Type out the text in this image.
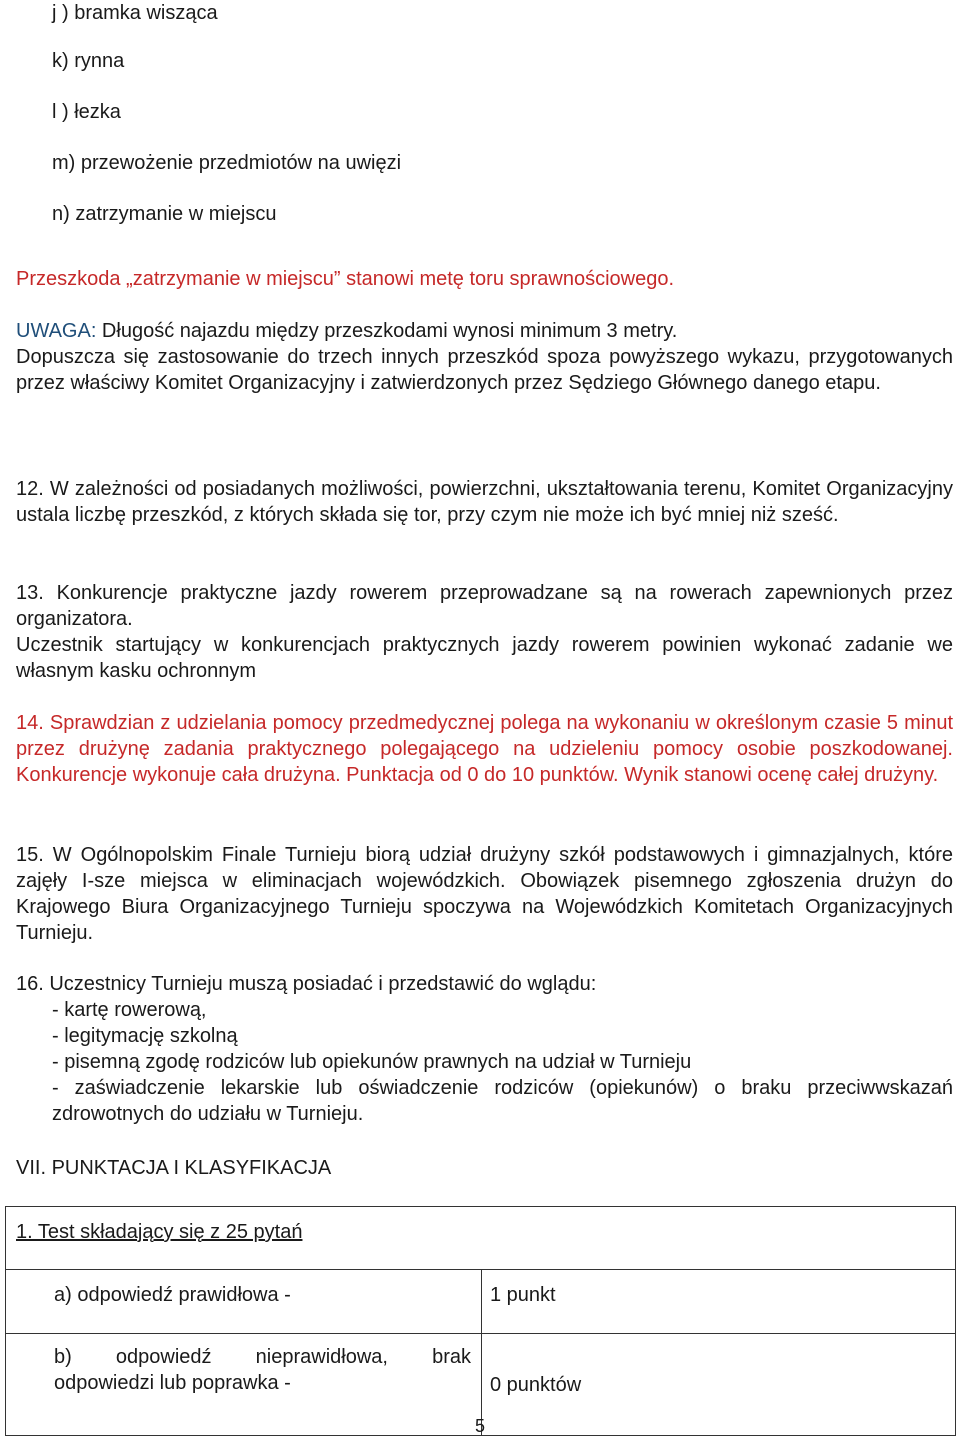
j ) bramka wisząca
k) rynna
l ) łezka
m) przewożenie przedmiotów na uwięzi
n) zatrzymanie w miejscu
Przeszkoda „zatrzymanie w miejscu” stanowi metę toru sprawnościowego.

UWAGA: Długość najazdu między przeszkodami wynosi minimum 3 metry.

Dopuszcza się zastosowanie do trzech innych przeszkód spoza powyższego wykazu, przygotowanych przez właściwy Komitet Organizacyjny i zatwierdzonych przez Sędziego Głównego danego etapu.

12. W zależności od posiadanych możliwości, powierzchni, ukształtowania terenu, Komitet Organizacyjny ustala liczbę przeszkód, z których składa się tor, przy czym nie może ich być mniej niż sześć.

13. Konkurencje praktyczne jazdy rowerem przeprowadzane są na rowerach zapewnionych przez organizatora.

Uczestnik startujący w konkurencjach praktycznych jazdy rowerem powinien wykonać zadanie we własnym kasku ochronnym

14. Sprawdzian z udzielania pomocy przedmedycznej polega na wykonaniu w określonym czasie 5 minut przez drużynę zadania praktycznego polegającego na udzieleniu pomocy osobie poszkodowanej. Konkurencje wykonuje cała drużyna. Punktacja od 0 do 10 punktów. Wynik stanowi ocenę całej drużyny.
15. W Ogólnopolskim Finale Turnieju biorą udział drużyny szkół podstawowych i gimnazjalnych, które zajęły I-sze miejsca w eliminacjach wojewódzkich. Obowiązek pisemnego zgłoszenia drużyn do Krajowego Biura Organizacyjnego Turnieju spoczywa na Wojewódzkich Komitetach Organizacyjnych Turnieju.

16. Uczestnicy Turnieju muszą posiadać i przedstawić do wglądu:

- kartę rowerową,

- legitymację szkolną

- pisemną zgodę rodziców lub opiekunów prawnych na udział w Turnieju

- zaświadczenie lekarskie lub oświadczenie rodziców (opiekunów) o braku przeciwwskazań zdrowotnych do udziału w Turnieju.

VII. PUNKTACJA I KLASYFIKACJA
1. Test składający się z 25 pytań	

a) odpowiedź prawidłowa -	1 punkt

b) odpowiedź nieprawidłowa, brak
odpowiedzi lub poprawka -	0 punktów
5
